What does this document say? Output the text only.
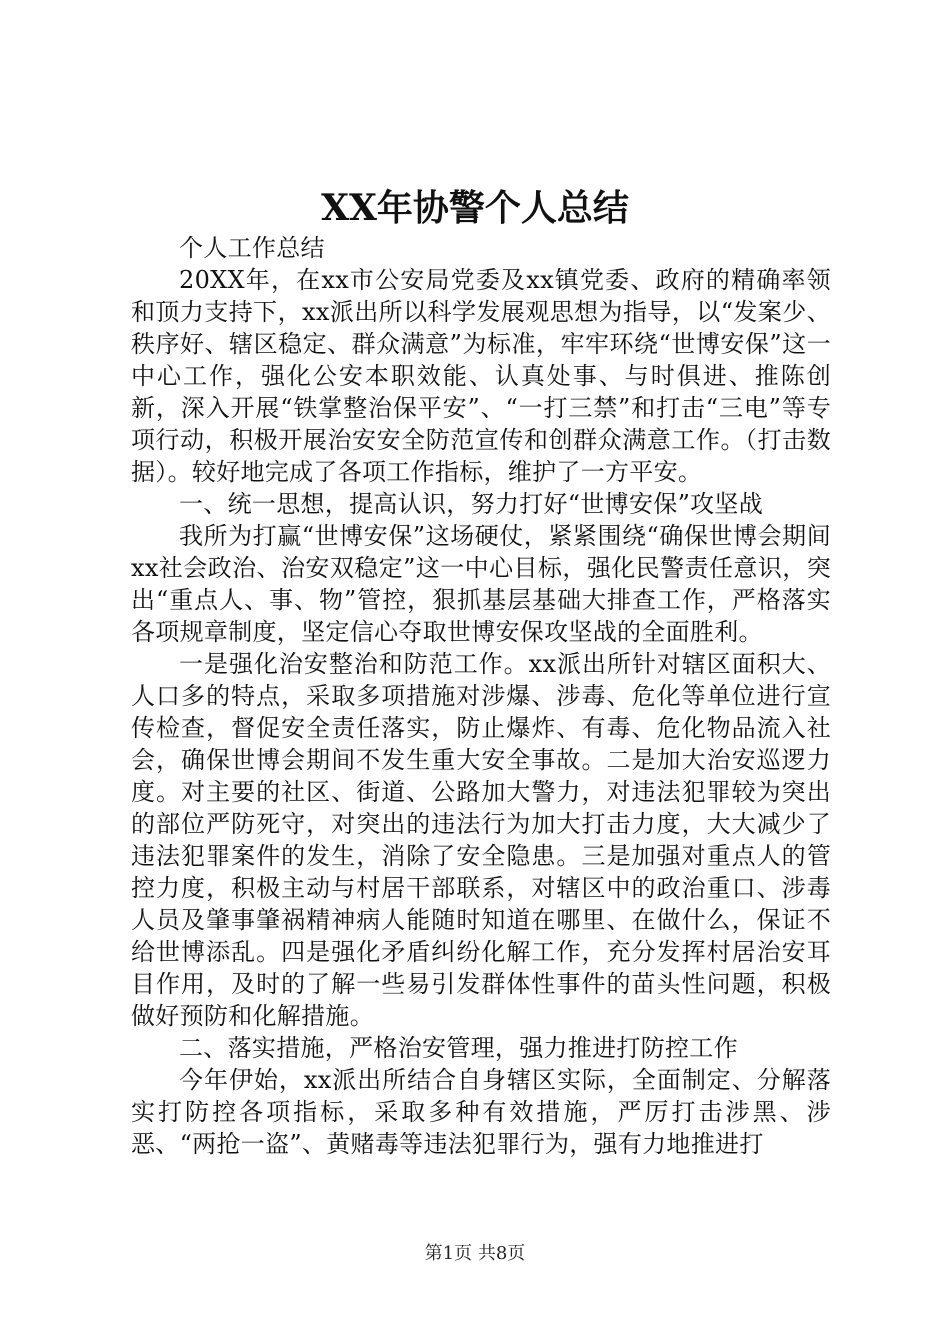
XX年协警个人总结

个人工作总结

20XX年，在xx市公安局党委及xx镇党委、政府的精确率领和顶力支持下，xx派出所以科学发展观思想为指导，以“发案少、秩序好、辖区稳定、群众满意”为标准，牢牢环绕“世博安保”这一中心工作，强化公安本职效能、认真处事、与时俱进、推陈创新，深入开展“铁掌整治保平安”、“一打三禁”和打击“三电”等专项行动，积极开展治安安全防范宣传和创群众满意工作。（打击数据）。较好地完成了各项工作指标，维护了一方平安。

一、统一思想，提高认识，努力打好“世博安保”攻坚战

我所为打赢“世博安保”这场硬仗，紧紧围绕“确保世博会期间xx社会政治、治安双稳定”这一中心目标，强化民警责任意识，突出“重点人、事、物”管控，狠抓基层基础大排查工作，严格落实各项规章制度，坚定信心夺取世博安保攻坚战的全面胜利。

一是强化治安整治和防范工作。xx派出所针对辖区面积大、人口多的特点，采取多项措施对涉爆、涉毒、危化等单位进行宣传检查，督促安全责任落实，防止爆炸、有毒、危化物品流入社会，确保世博会期间不发生重大安全事故。二是加大治安巡逻力度。对主要的社区、街道、公路加大警力，对违法犯罪较为突出的部位严防死守，对突出的违法行为加大打击力度，大大减少了违法犯罪案件的发生，消除了安全隐患。三是加强对重点人的管控力度，积极主动与村居干部联系，对辖区中的政治重口、涉毒人员及肇事肇祸精神病人能随时知道在哪里、在做什么，保证不给世博添乱。四是强化矛盾纠纷化解工作，充分发挥村居治安耳目作用，及时的了解一些易引发群体性事件的苗头性问题，积极做好预防和化解措施。

二、落实措施，严格治安管理，强力推进打防控工作

今年伊始，xx派出所结合自身辖区实际，全面制定、分解落实打防控各项指标，采取多种有效措施，严厉打击涉黑、涉恶、“两抢一盗”、黄赌毒等违法犯罪行为，强有力地推进打

第1页 共8页
